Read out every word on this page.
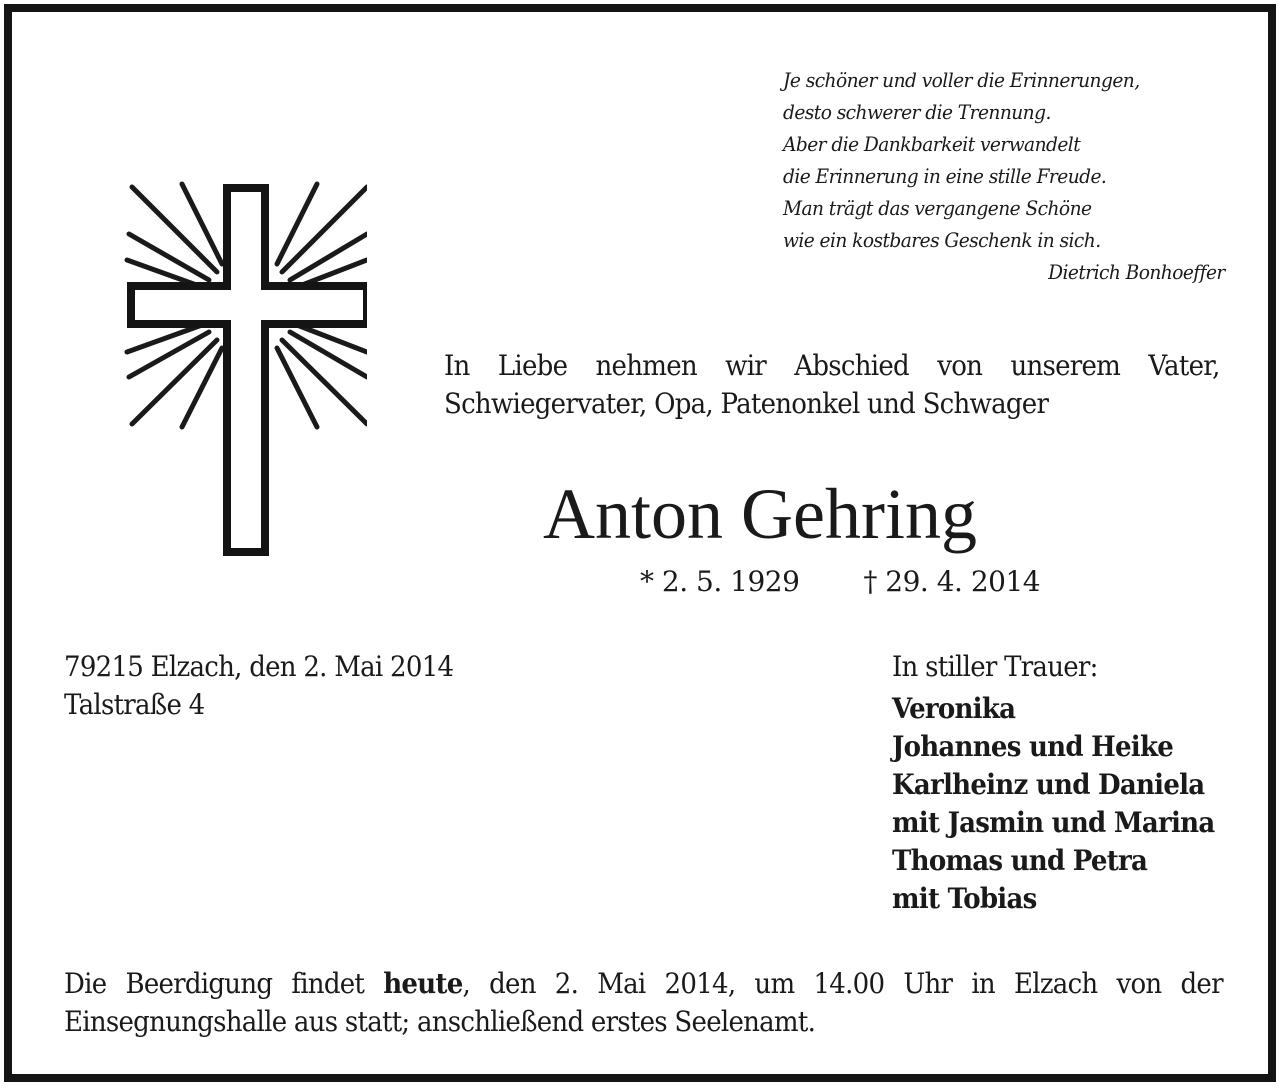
Je schöner und voller die Erinnerungen,
desto schwerer die Trennung.
Aber die Dankbarkeit verwandelt
die Erinnerung in eine stille Freude.
Man trägt das vergangene Schöne
wie ein kostbares Geschenk in sich.
Dietrich Bonhoeffer
In Liebe nehmen wir Abschied von unserem Vater,
Schwiegervater, Opa, Patenonkel und Schwager
Anton Gehring
* 2. 5. 1929 † 29. 4. 2014
79215 Elzach, den 2. Mai 2014
Talstraße 4
In stiller Trauer:
Veronika
Johannes und Heike
Karlheinz und Daniela
mit Jasmin und Marina
Thomas und Petra
mit Tobias
Die Beerdigung findet heute, den 2. Mai 2014, um 14.00 Uhr in Elzach von der
Einsegnungshalle aus statt; anschließend erstes Seelenamt.
